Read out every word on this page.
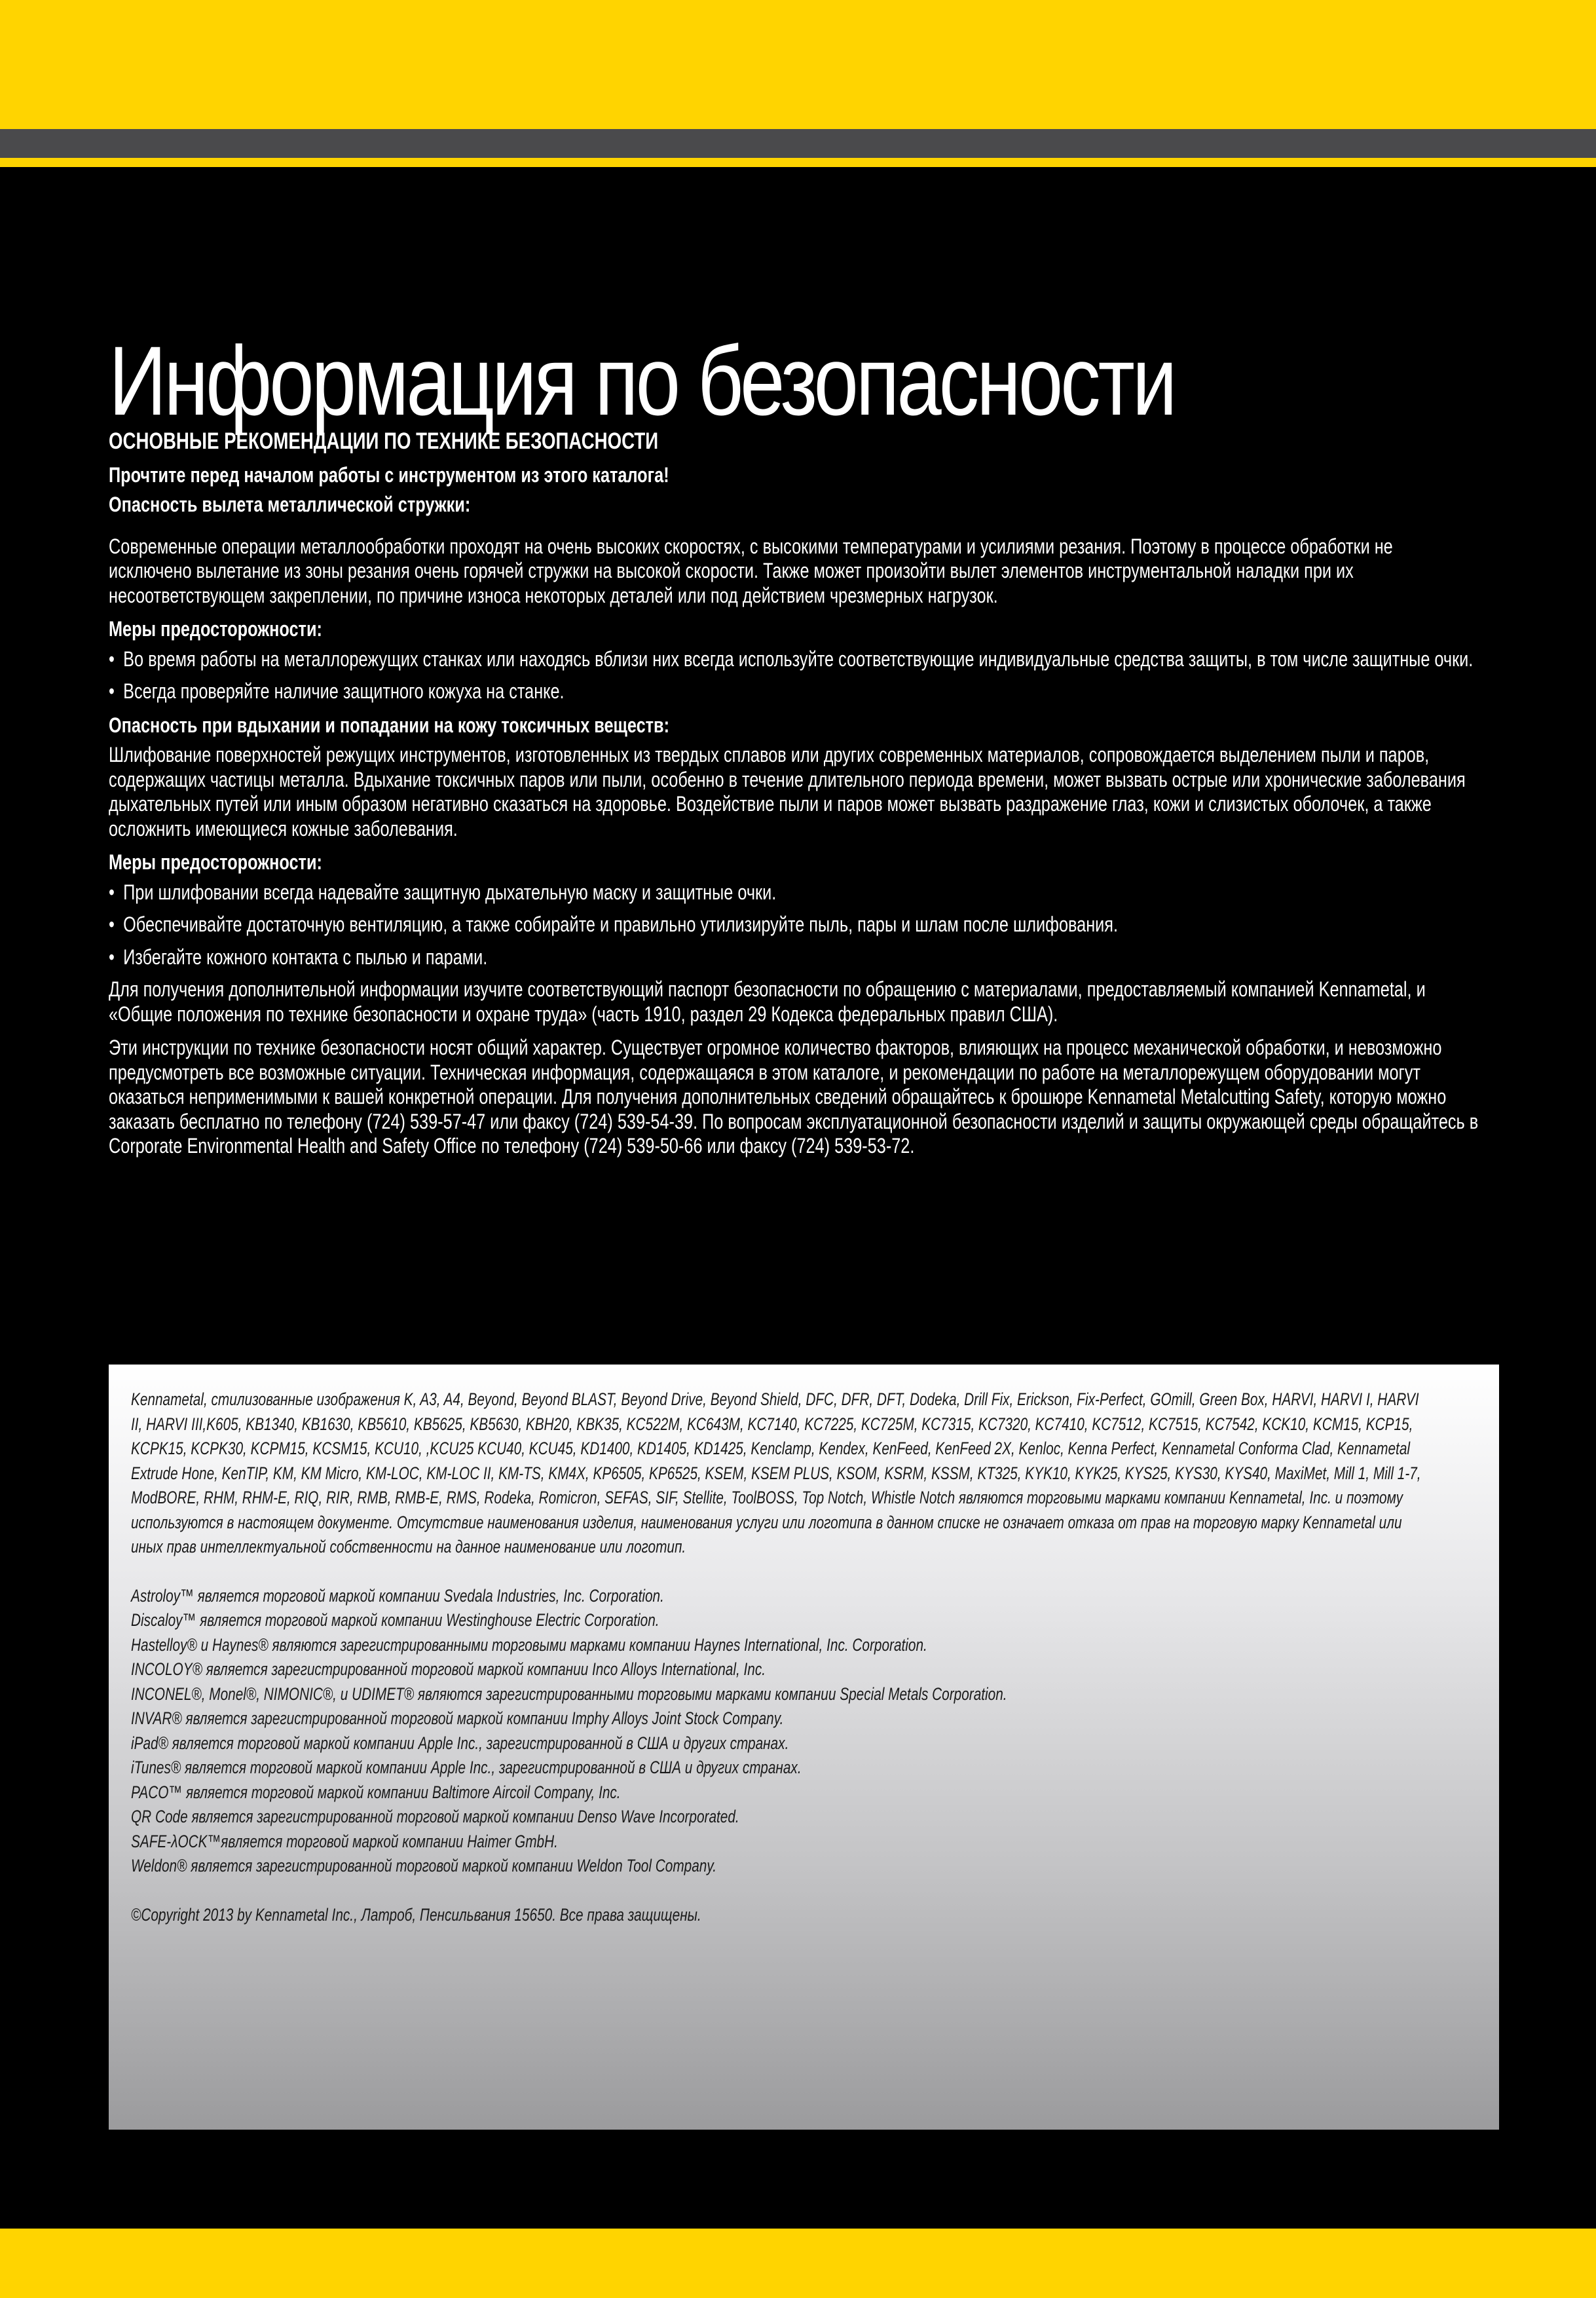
Информация по безопасности

ОСНОВНЫЕ РЕКОМЕНДАЦИИ ПО ТЕХНИКЕ БЕЗОПАСНОСТИ

Прочтите перед началом работы с инструментом из этого каталога!

Опасность вылета металлической стружки:

Современные операции металлообработки проходят на очень высоких скоростях, с высокими температурами и усилиями резания. Поэтому в процессе обработки не исключено вылетание из зоны резания очень горячей стружки на высокой скорости. Также может произойти вылет элементов инструментальной наладки при их несоответствующем закреплении, по причине износа некоторых деталей или под действием чрезмерных нагрузок.

Меры предосторожности:

• Во время работы на металлорежущих станках или находясь вблизи них всегда используйте соответствующие индивидуальные средства защиты, в том числе защитные очки.
• Всегда проверяйте наличие защитного кожуха на станке.

Опасность при вдыхании и попадании на кожу токсичных веществ:

Шлифование поверхностей режущих инструментов, изготовленных из твердых сплавов или других современных материалов, сопровождается выделением пыли и паров, содержащих частицы металла. Вдыхание токсичных паров или пыли, особенно в течение длительного периода времени, может вызвать острые или хронические заболевания дыхательных путей или иным образом негативно сказаться на здоровье. Воздействие пыли и паров может вызвать раздражение глаз, кожи и слизистых оболочек, а также осложнить имеющиеся кожные заболевания.

Меры предосторожности:

• При шлифовании всегда надевайте защитную дыхательную маску и защитные очки.
• Обеспечивайте достаточную вентиляцию, а также собирайте и правильно утилизируйте пыль, пары и шлам после шлифования.
• Избегайте кожного контакта с пылью и парами.

Для получения дополнительной информации изучите соответствующий паспорт безопасности по обращению с материалами, предоставляемый компанией Kennametal, и «Общие положения по технике безопасности и охране труда» (часть 1910, раздел 29 Кодекса федеральных правил США).

Эти инструкции по технике безопасности носят общий характер. Существует огромное количество факторов, влияющих на процесс механической обработки, и невозможно предусмотреть все возможные ситуации. Техническая информация, содержащаяся в этом каталоге, и рекомендации по работе на металлорежущем оборудовании могут оказаться неприменимыми к вашей конкретной операции. Для получения дополнительных сведений обращайтесь к брошюре Kennametal Metalcutting Safety, которую можно заказать бесплатно по телефону (724) 539-57-47 или факсу (724) 539-54-39. По вопросам эксплуатационной безопасности изделий и защиты окружающей среды обращайтесь в Corporate Environmental Health and Safety Office по телефону (724) 539-50-66 или факсу (724) 539-53-72.

Kennametal, стилизованные изображения K, A3, A4, Beyond, Beyond BLAST, Beyond Drive, Beyond Shield, DFC, DFR, DFT, Dodeka, Drill Fix, Erickson, Fix-Perfect, GOmill, Green Box, HARVI, HARVI I, HARVI II, HARVI III,K605, KB1340, KB1630, KB5610, KB5625, KB5630, KBH20, KBK35, KC522M, KC643M, KC7140, KC7225, KC725M, KC7315, KC7320, KC7410, KC7512, KC7515, KC7542, KCK10, KCM15, KCP15, KCPK15, KCPK30, KCPM15, KCSM15, KCU10, ,KCU25 KCU40, KCU45, KD1400, KD1405, KD1425, Kenclamp, Kendex, KenFeed, KenFeed 2X, Kenloc, Kenna Perfect, Kennametal Conforma Clad, Kennametal Extrude Hone, KenTIP, KM, KM Micro, KM-LOC, KM-LOC II, KM-TS, KM4X, KP6505, KP6525, KSEM, KSEM PLUS, KSOM, KSRM, KSSM, KT325, KYK10, KYK25, KYS25, KYS30, KYS40, MaxiMet, Mill 1, Mill 1-7, ModBORE, RHM, RHM-E, RIQ, RIR, RMB, RMB-E, RMS, Rodeka, Romicron, SEFAS, SIF, Stellite, ToolBOSS, Top Notch, Whistle Notch являются торговыми марками компании Kennametal, Inc. и поэтому используются в настоящем документе. Отсутствие наименования изделия, наименования услуги или логотипа в данном списке не означает отказа от прав на торговую марку Kennametal или иных прав интеллектуальной собственности на данное наименование или логотип.

Astroloy™ является торговой маркой компании Svedala Industries, Inc. Corporation.

Discaloy™ является торговой маркой компании Westinghouse Electric Corporation.

Hastelloy® и Haynes® являются зарегистрированными торговыми марками компании Haynes International, Inc. Corporation.

INCOLOY® является зарегистрированной торговой маркой компании Inco Alloys International, Inc.

INCONEL®, Monel®, NIMONIC®, и UDIMET® являются зарегистрированными торговыми марками компании Special Metals Corporation.

INVAR® является зарегистрированной торговой маркой компании Imphy Alloys Joint Stock Company.

iPad® является торговой маркой компании Apple Inc., зарегистрированной в США и других странах.

iTunes® является торговой маркой компании Apple Inc., зарегистрированной в США и других странах.

PACO™ является торговой маркой компании Baltimore Aircoil Company, Inc.

QR Code является зарегистрированной торговой маркой компании Denso Wave Incorporated.

SAFE-λOCK™является торговой маркой компании Haimer GmbH.

Weldon® является зарегистрированной торговой маркой компании Weldon Tool Company.

©Copyright 2013 by Kennametal Inc., Латроб, Пенсильвания 15650. Все права защищены.
